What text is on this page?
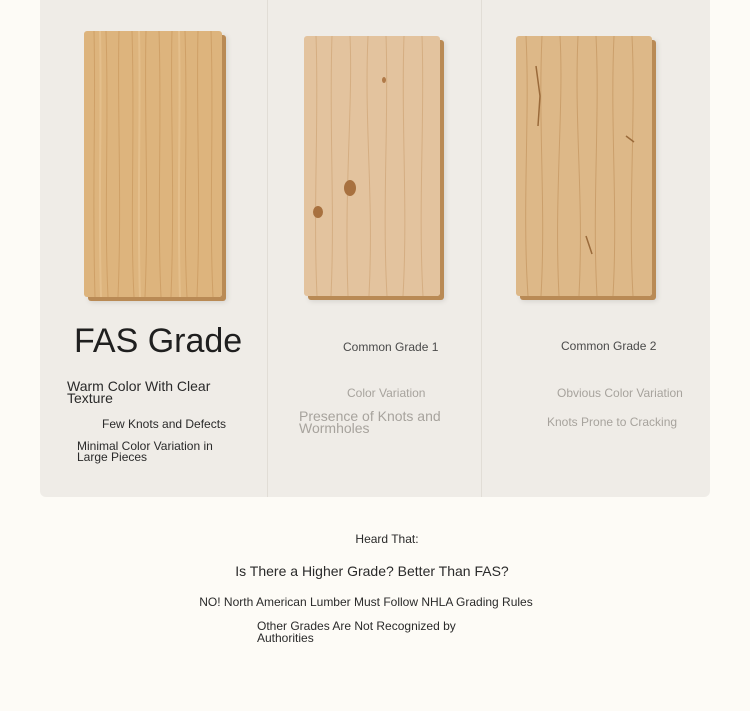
FAS Grade
Warm Color With Clear Texture
Few Knots and Defects
Minimal Color Variation in Large Pieces
Common Grade 1
Color Variation
Presence of Knots and Wormholes
Common Grade 2
Obvious Color Variation
Knots Prone to Cracking
Heard That:
Is There a Higher Grade? Better Than FAS?
NO! North American Lumber Must Follow NHLA Grading Rules
Other Grades Are Not Recognized by Authorities
